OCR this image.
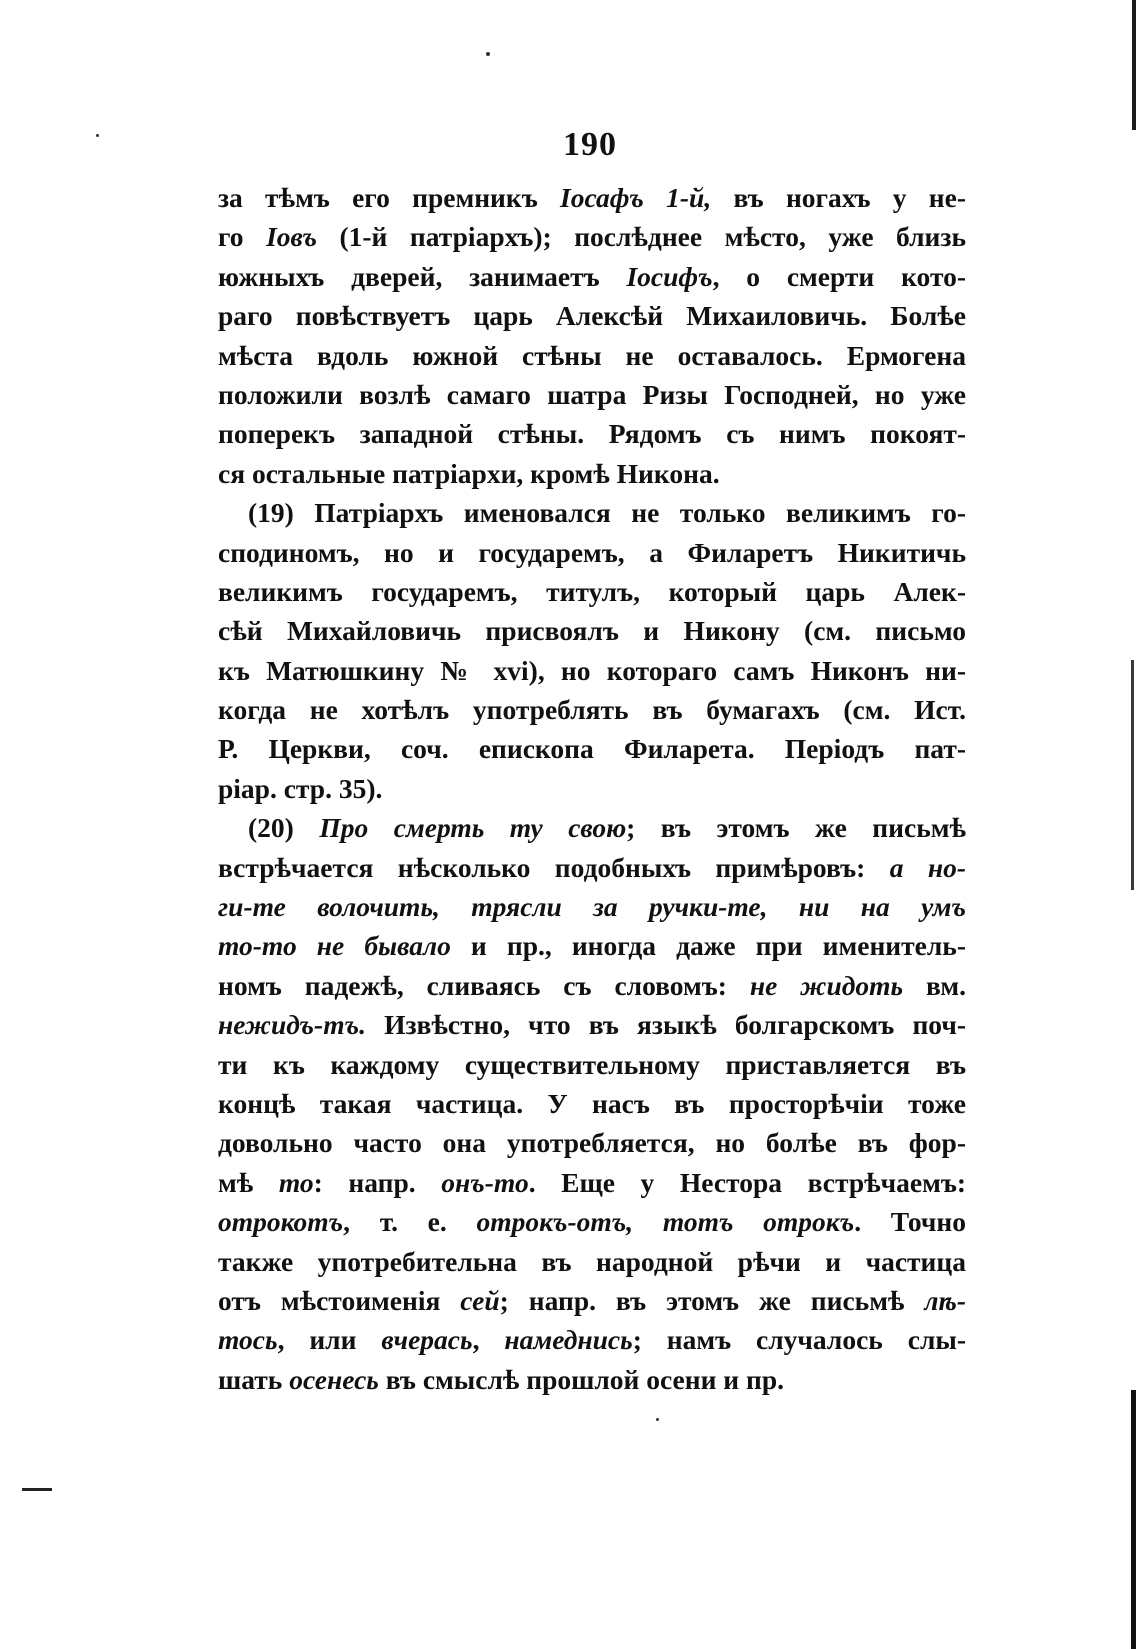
190
за тѣмъ его премникъ Іосафъ 1-й, въ ногахъ у не-
го Іовъ (1-й патріархъ); послѣднее мѣсто, уже близь
южныхъ дверей, занимаетъ Іосифъ, о смерти кото-
раго повѣствуетъ царь Алексѣй Михаиловичь. Болѣе
мѣста вдоль южной стѣны не оставалось. Ермогена
положили возлѣ самаго шатра Ризы Господней, но уже
поперекъ западной стѣны. Рядомъ съ нимъ покоят-
ся остальные патріархи, кромѣ Никона.
(19) Патріархъ именовался не только великимъ го-
сподиномъ, но и государемъ, а Филаретъ Никитичь
великимъ государемъ, титулъ, который царь Алек-
сѣй Михайловичь присвоялъ и Никону (см. письмо
къ Матюшкину № xvi), но котораго самъ Никонъ ни-
когда не хотѣлъ употреблять въ бумагахъ (см. Ист.
Р. Церкви, соч. епископа Филарета. Періодъ пат-
ріар. стр. 35).
(20) Про смерть ту свою; въ этомъ же письмѣ
встрѣчается нѣсколько подобныхъ примѣровъ: а но-
ги-те волочить, трясли за ручки-те, ни на умъ
то-то не бывало и пр., иногда даже при именитель-
номъ падежѣ, сливаясь съ словомъ: не жидоть вм.
нежидъ-тъ. Извѣстно, что въ языкѣ болгарскомъ поч-
ти къ каждому существительному приставляется въ
концѣ такая частица. У насъ въ просторѣчіи тоже
довольно часто она употребляется, но болѣе въ фор-
мѣ то: напр. онъ-то. Еще у Нестора встрѣчаемъ:
отрокотъ, т. е. отрокъ-отъ, тотъ отрокъ. Точно
также употребительна въ народной рѣчи и частица
отъ мѣстоименія сей; напр. въ этомъ же письмѣ лѣ-
тось, или вчерась, намеднись; намъ случалось слы-
шать осенесь въ смыслѣ прошлой осени и пр.
